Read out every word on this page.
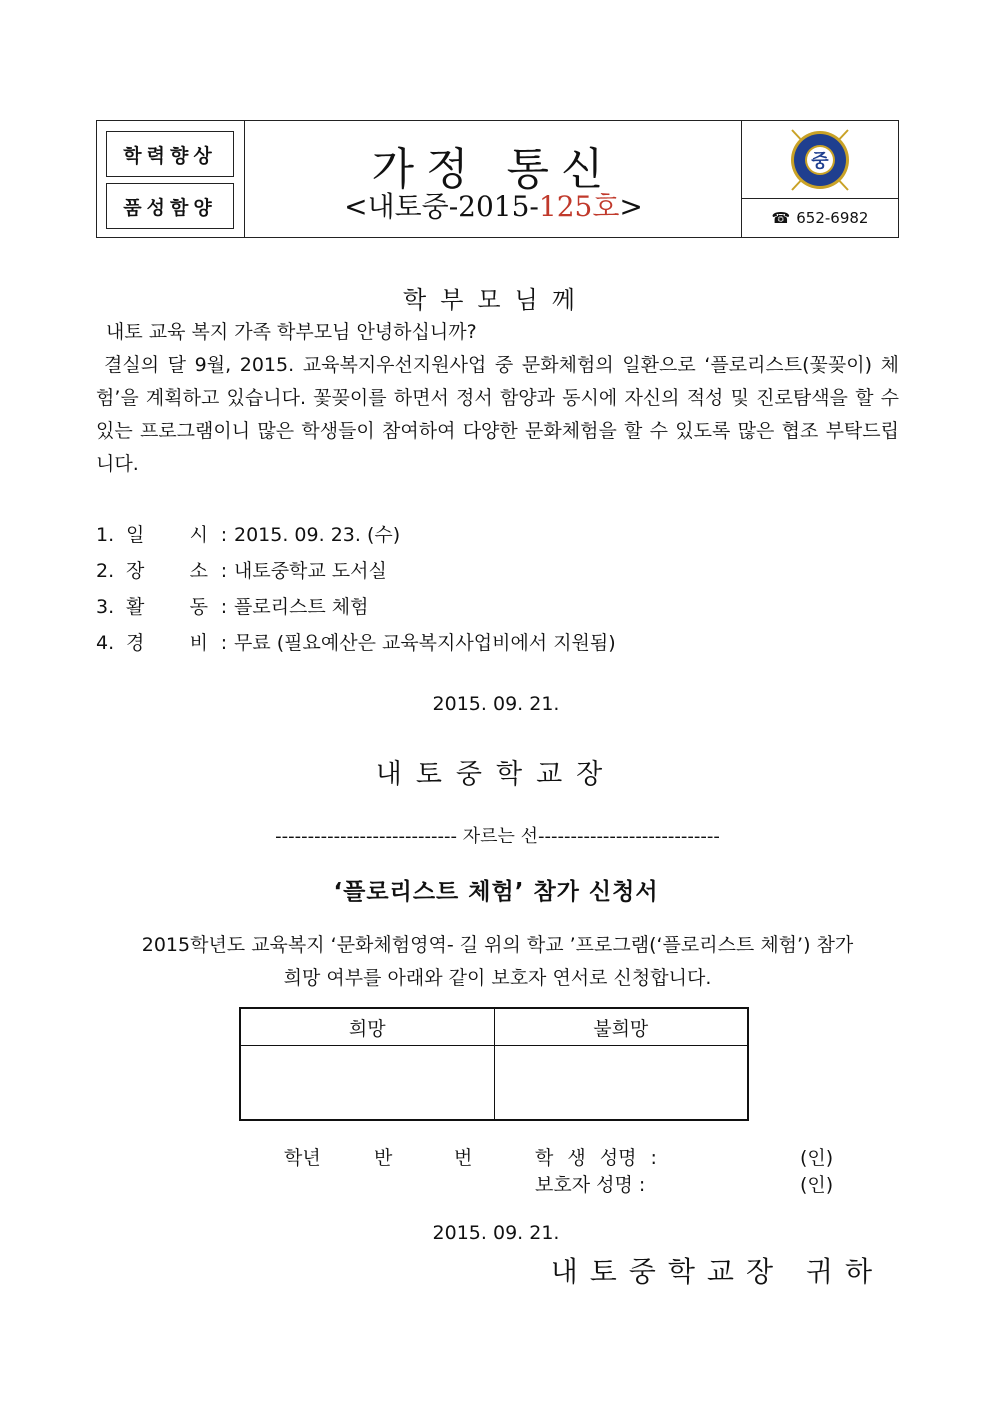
학력향상
품성함양
가정 통신
<내토중-2015-125호>
중
☎ 652-6982
학부모님께
내토 교육 복지 가족 학부모님 안녕하십니까?
결실의 달 9월, 2015. 교육복지우선지원사업 중 문화체험의 일환으로 ‘플로리스트(꽃꽂이) 체험’을 계획하고 있습니다. 꽃꽂이를 하면서 정서 함양과 동시에 자신의 적성 및 진로탐색을 할 수 있는 프로그램이니 많은 학생들이 참여하여 다양한 문화체험을 할 수 있도록 많은 협조 부탁드립니다.
1. 일 시 : 2015. 09. 23. (수)
2. 장 소 : 내토중학교 도서실
3. 활 동 : 플로리스트 체험
4. 경 비 : 무료 (필요예산은 교육복지사업비에서 지원됨)
2015. 09. 21.
내토중학교장
---------------------------- 자르는 선----------------------------
‘플로리스트 체험’ 참가 신청서
2015학년도 교육복지 ‘문화체험영역- 길 위의 학교 ’프로그램(‘플로리스트 체험’) 참가
희망 여부를 아래와 같이 보호자 연서로 신청합니다.
희망	불희망

학년	반	번	학 생 성명 :	(인)
보호자 성명 :	(인)
2015. 09. 21.
내토중학교장 귀하
